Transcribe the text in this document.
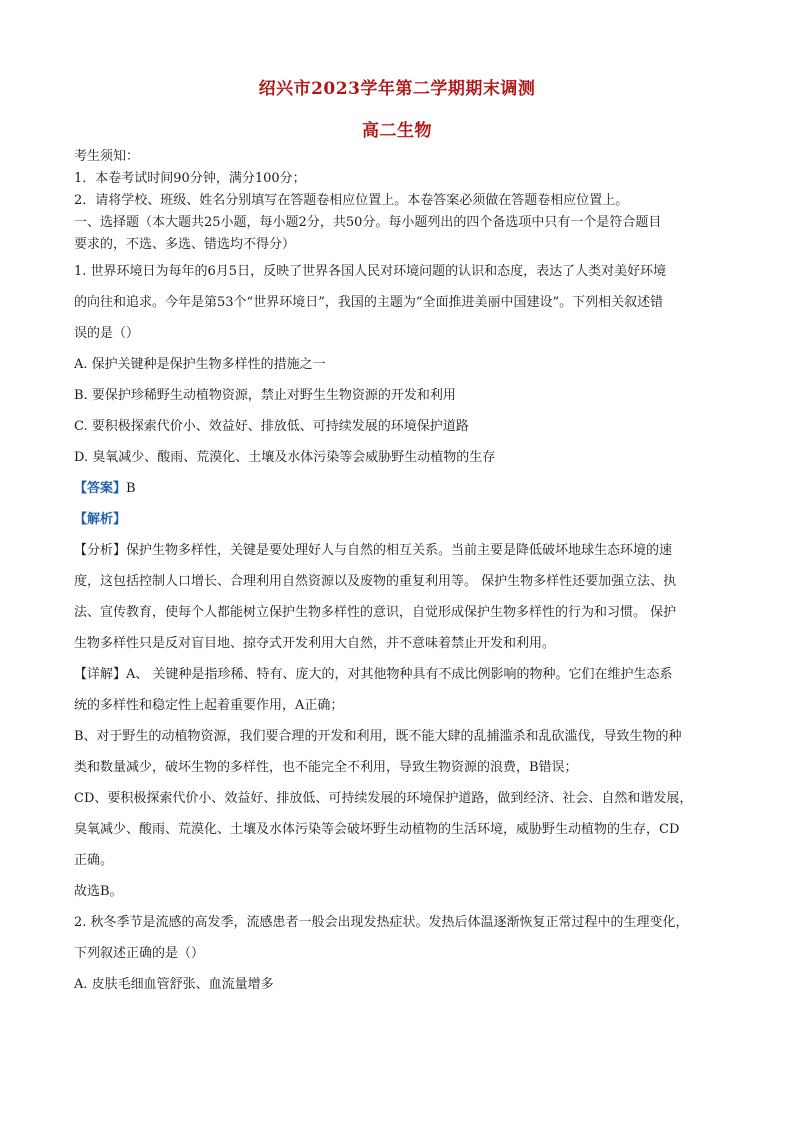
绍兴市2023学年第二学期期末调测
高二生物
考生须知：
1．本卷考试时间90分钟，满分100分；
2．请将学校、班级、姓名分别填写在答题卷相应位置上。本卷答案必须做在答题卷相应位置上。
一、选择题（本大题共25小题，每小题2分，共50分。每小题列出的四个备选项中只有一个是符合题目
要求的，不选、多选、错选均不得分）
1. 世界环境日为每年的6月5日，反映了世界各国人民对环境问题的认识和态度，表达了人类对美好环境
的向往和追求。今年是第53个“世界环境日”，我国的主题为“全面推进美丽中国建设”。下列相关叙述错
误的是（）
A. 保护关键种是保护生物多样性的措施之一
B. 要保护珍稀野生动植物资源，禁止对野生生物资源的开发和利用
C. 要积极探索代价小、效益好、排放低、可持续发展的环境保护道路
D. 臭氧减少、酸雨、荒漠化、土壤及水体污染等会威胁野生动植物的生存
【答案】B
【解析】
【分析】保护生物多样性，关键是要处理好人与自然的相互关系。当前主要是降低破坏地球生态环境的速
度，这包括控制人口增长、合理利用自然资源以及废物的重复利用等。 保护生物多样性还要加强立法、执
法、宣传教育，使每个人都能树立保护生物多样性的意识，自觉形成保护生物多样性的行为和习惯。 保护
生物多样性只是反对盲目地、掠夺式开发利用大自然，并不意味着禁止开发和利用。
【详解】A、 关键种是指珍稀、特有、庞大的，对其他物种具有不成比例影响的物种。它们在维护生态系
统的多样性和稳定性上起着重要作用，A正确；
B、对于野生的动植物资源，我们要合理的开发和利用，既不能大肆的乱捕滥杀和乱砍滥伐，导致生物的种
类和数量减少，破坏生物的多样性，也不能完全不利用，导致生物资源的浪费，B错误；
CD、要积极探索代价小、效益好、排放低、可持续发展的环境保护道路，做到经济、社会、自然和谐发展，
臭氧减少、酸雨、荒漠化、土壤及水体污染等会破坏野生动植物的生活环境，威胁野生动植物的生存，CD
正确。
故选B。
2. 秋冬季节是流感的高发季，流感患者一般会出现发热症状。发热后体温逐渐恢复正常过程中的生理变化，
下列叙述正确的是（）
A. 皮肤毛细血管舒张、血流量增多
